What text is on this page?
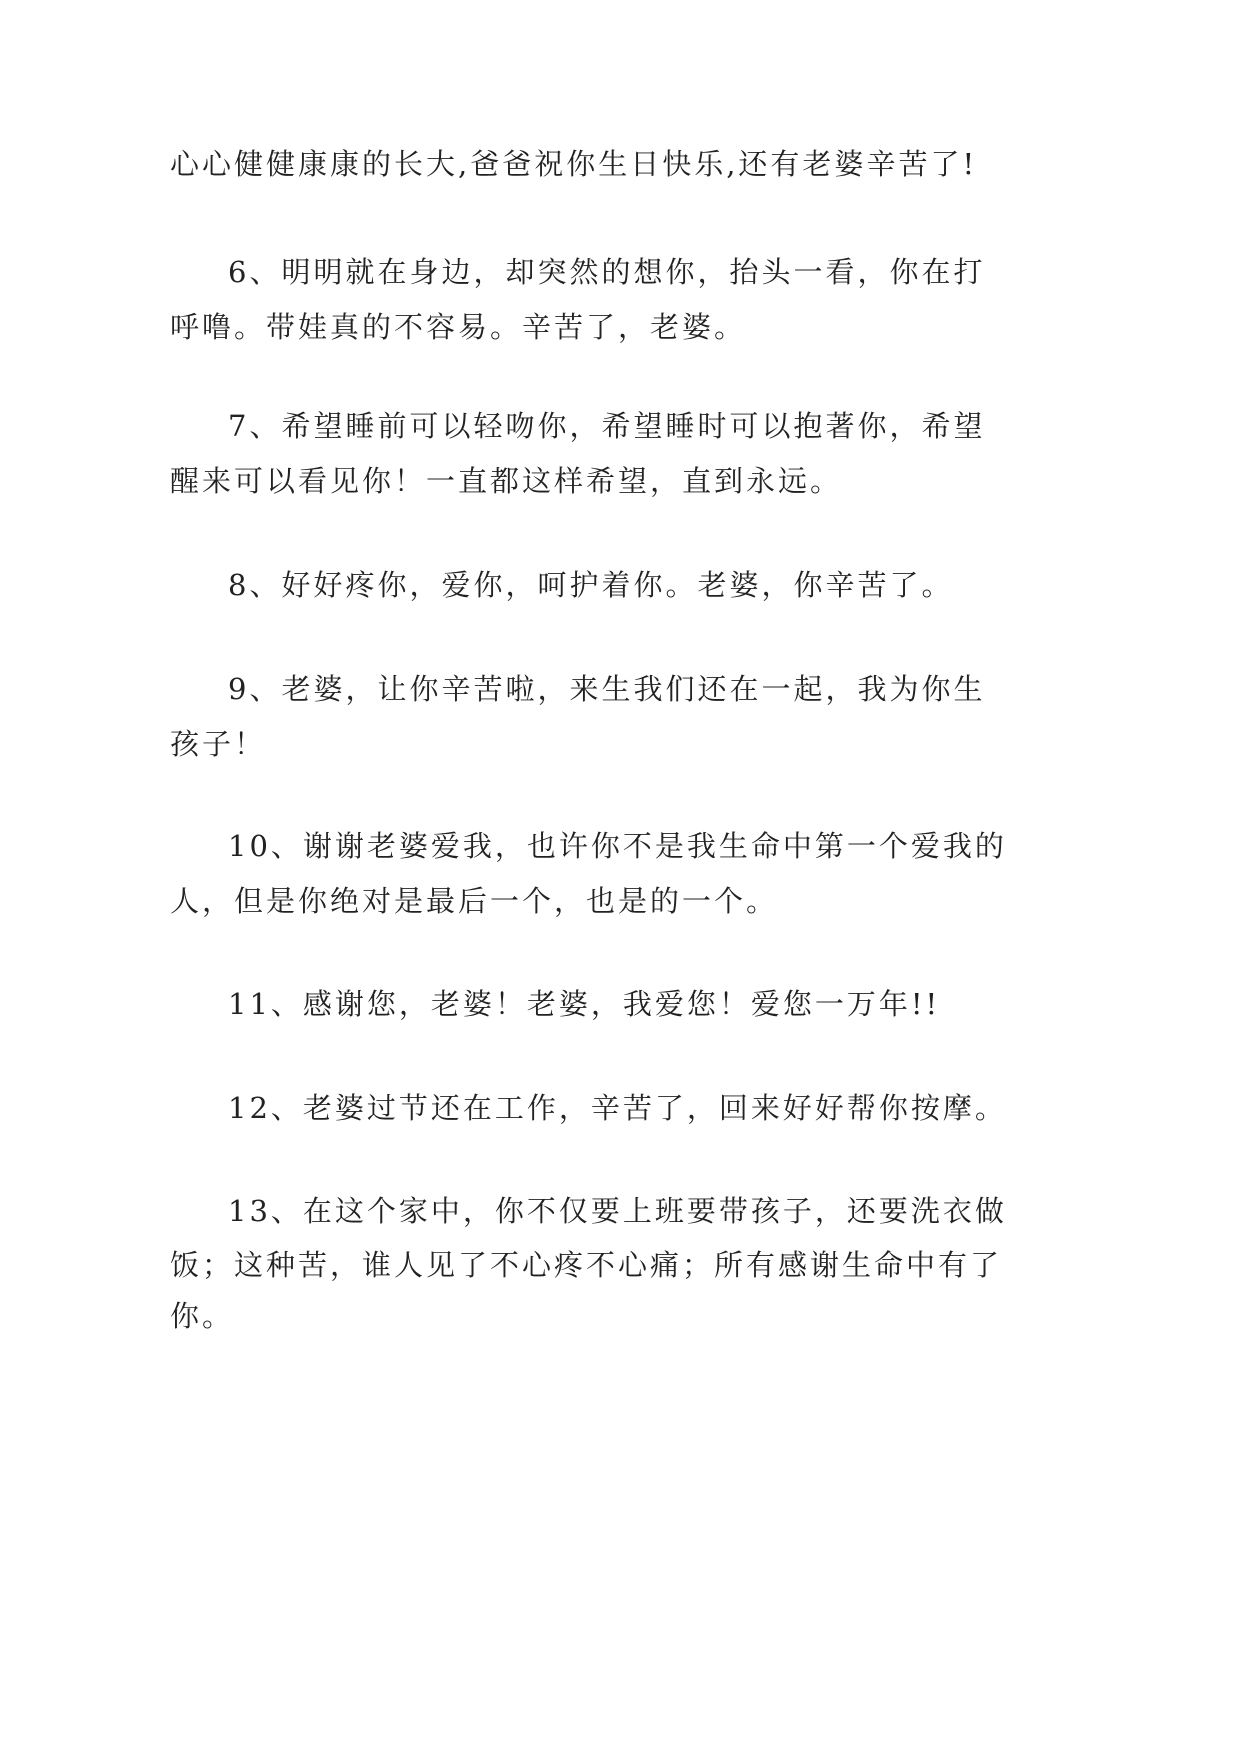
心心健健康康的长大,爸爸祝你生日快乐,还有老婆辛苦了!

6、明明就在身边，却突然的想你，抬头一看，你在打

呼噜。带娃真的不容易。辛苦了，老婆。

7、希望睡前可以轻吻你，希望睡时可以抱著你，希望

醒来可以看见你！一直都这样希望，直到永远。

8、好好疼你，爱你，呵护着你。老婆，你辛苦了。

9、老婆，让你辛苦啦，来生我们还在一起，我为你生

孩子！

10、谢谢老婆爱我，也许你不是我生命中第一个爱我的

人，但是你绝对是最后一个，也是的一个。

11、感谢您，老婆！老婆，我爱您！爱您一万年!!

12、老婆过节还在工作，辛苦了，回来好好帮你按摩。

13、在这个家中，你不仅要上班要带孩子，还要洗衣做

饭；这种苦，谁人见了不心疼不心痛；所有感谢生命中有了

你。
